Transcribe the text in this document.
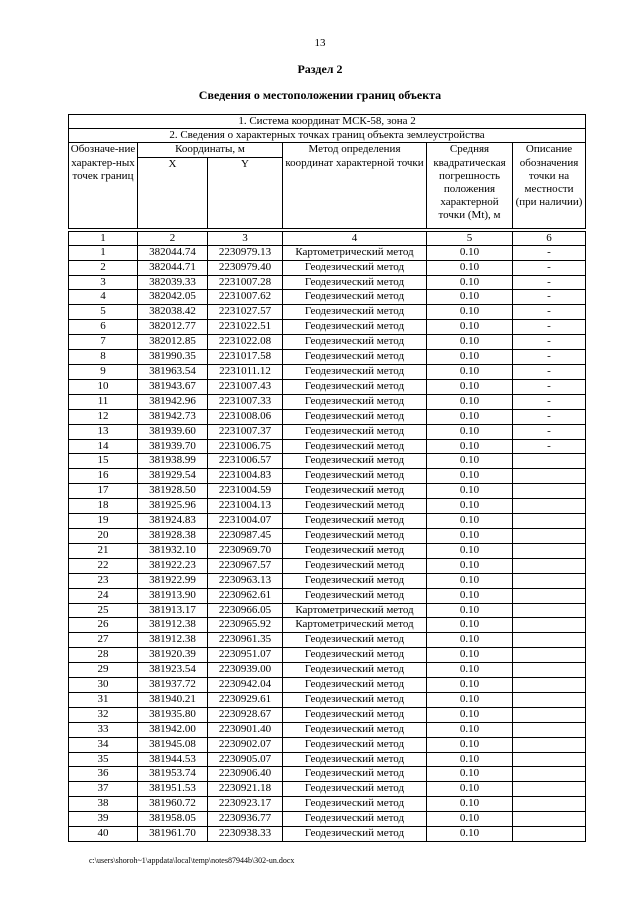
13
Раздел 2
Сведения о местоположении границ объекта
1. Система координат МСК-58, зона 2					
2. Сведения о характерных точках границ объекта землеустройства					
Обозначе-ние характер-ных точек границ	Координаты, м		Метод определения координат характерной точки	Средняя квадратическая погрешность положения характерной точки (Mt), м	Описание обозначения точки на местности (при наличии)
	X	Y			

1	2	3	4	5	6
1	382044.74	2230979.13	Картометрический метод	0.10	-
2	382044.71	2230979.40	Геодезический метод	0.10	-
3	382039.33	2231007.28	Геодезический метод	0.10	-
4	382042.05	2231007.62	Геодезический метод	0.10	-
5	382038.42	2231027.57	Геодезический метод	0.10	-
6	382012.77	2231022.51	Геодезический метод	0.10	-
7	382012.85	2231022.08	Геодезический метод	0.10	-
8	381990.35	2231017.58	Геодезический метод	0.10	-
9	381963.54	2231011.12	Геодезический метод	0.10	-
10	381943.67	2231007.43	Геодезический метод	0.10	-
11	381942.96	2231007.33	Геодезический метод	0.10	-
12	381942.73	2231008.06	Геодезический метод	0.10	-
13	381939.60	2231007.37	Геодезический метод	0.10	-
14	381939.70	2231006.75	Геодезический метод	0.10	-
15	381938.99	2231006.57	Геодезический метод	0.10	
16	381929.54	2231004.83	Геодезический метод	0.10	
17	381928.50	2231004.59	Геодезический метод	0.10	
18	381925.96	2231004.13	Геодезический метод	0.10	
19	381924.83	2231004.07	Геодезический метод	0.10	
20	381928.38	2230987.45	Геодезический метод	0.10	
21	381932.10	2230969.70	Геодезический метод	0.10	
22	381922.23	2230967.57	Геодезический метод	0.10	
23	381922.99	2230963.13	Геодезический метод	0.10	
24	381913.90	2230962.61	Геодезический метод	0.10	
25	381913.17	2230966.05	Картометрический метод	0.10	
26	381912.38	2230965.92	Картометрический метод	0.10	
27	381912.38	2230961.35	Геодезический метод	0.10	
28	381920.39	2230951.07	Геодезический метод	0.10	
29	381923.54	2230939.00	Геодезический метод	0.10	
30	381937.72	2230942.04	Геодезический метод	0.10	
31	381940.21	2230929.61	Геодезический метод	0.10	
32	381935.80	2230928.67	Геодезический метод	0.10	
33	381942.00	2230901.40	Геодезический метод	0.10	
34	381945.08	2230902.07	Геодезический метод	0.10	
35	381944.53	2230905.07	Геодезический метод	0.10	
36	381953.74	2230906.40	Геодезический метод	0.10	
37	381951.53	2230921.18	Геодезический метод	0.10	
38	381960.72	2230923.17	Геодезический метод	0.10	
39	381958.05	2230936.77	Геодезический метод	0.10	
40	381961.70	2230938.33	Геодезический метод	0.10	
c:\users\shoroh~1\appdata\local\temp\notes87944b\302-un.docx
